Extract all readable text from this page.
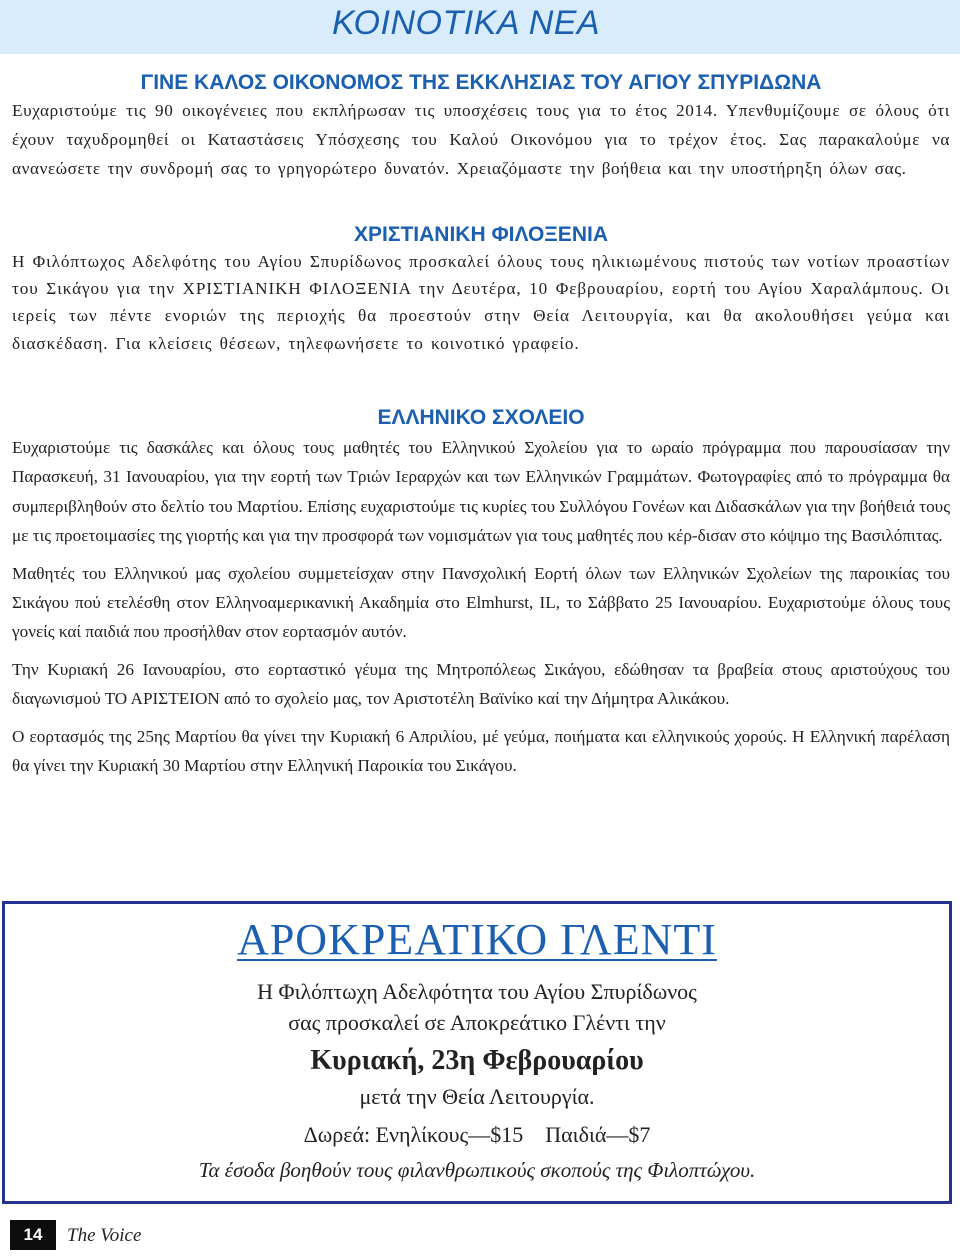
ΚΟΙΝΟΤΙΚΑ ΝΕΑ
ΓΙΝΕ ΚΑΛΟΣ ΟΙΚΟΝΟΜΟΣ ΤΗΣ ΕΚΚΛΗΣΙΑΣ ΤΟΥ ΑΓΙΟΥ ΣΠΥΡΙΔΩΝΑ

Ευχαριστούμε τις 90 οικογένειες που εκπλήρωσαν τις υποσχέσεις τους για το έτος 2014. Υπενθυμίζουμε σε όλους ότι έχουν ταχυδρομηθεί οι Καταστάσεις Υπόσχεσης του Καλού Οικονόμου για το τρέχον έτος. Σας παρακαλούμε να ανανεώσετε την συνδρομή σας το γρηγορώτερο δυνατόν. Χρειαζόμαστε την βοήθεια και την υποστήρηξη όλων σας.

ΧΡΙΣΤΙΑΝΙΚΗ ΦΙΛΟΞΕΝΙΑ

Η Φιλόπτωχος Αδελφότης του Αγίου Σπυρίδωνος προσκαλεί όλους τους ηλικιωμένους πιστούς των νοτίων προαστίων του Σικάγου για την ΧΡΙΣΤΙΑΝΙΚΗ ΦΙΛΟΞΕΝΙΑ την Δευτέρα, 10 Φεβρουαρίου, εορτή του Αγίου Χαραλάμπους. Οι ιερείς των πέντε ενοριών της περιοχής θα προεστούν στην Θεία Λειτουργία, και θα ακολουθήσει γεύμα και διασκέδαση. Για κλείσεις θέσεων, τηλεφωνήσετε το κοινοτικό γραφείο.

ΕΛΛΗΝΙΚΟ ΣΧΟΛΕΙΟ

Ευχαριστούμε τις δασκάλες και όλους τους μαθητές του Ελληνικού Σχολείου για το ωραίο πρόγραμμα που παρουσίασαν την Παρασκευή, 31 Ιανουαρίου, για την εορτή των Τριών Ιεραρχών και των Ελληνικών Γραμμάτων. Φωτογραφίες από το πρόγραμμα θα συμπεριβληθούν στο δελτίο του Μαρτίου. Επίσης ευχαριστούμε τις κυρίες του Συλλόγου Γονέων και Διδασκάλων για την βοήθειά τους με τις προετοιμασίες της γιορτής και για την προσφορά των νομισμάτων για τους μαθητές που κέρ-δισαν στο κόψιμο της Βασιλόπιτας.

Μαθητές του Ελληνικού μας σχολείου συμμετείσχαν στην Πανσχολική Εορτή όλων των Ελληνικών Σχολείων της παροικίας του Σικάγου πού ετελέσθη στον Ελληνοαμερικανική Ακαδημία στο Elmhurst, IL, το Σάββατο 25 Ιανουαρίου. Ευχαριστούμε όλους τους γονείς καί παιδιά που προσήλθαν στον εορτασμόν αυτόν.

Την Κυριακή 26 Ιανουαρίου, στο εορταστικό γέυμα της Μητροπόλεως Σικάγου, εδώθησαν τα βραβεία στους αριστούχους του διαγωνισμού ΤΟ ΑΡΙΣΤΕΙΟΝ από το σχολείο μας, τον Αριστοτέλη Βαϊνίκο καί την Δήμητρα Αλικάκου.

Ο εορτασμός της 25ης Μαρτίου θα γίνει την Κυριακή 6 Απριλίου, μέ γεύμα, ποιήματα και ελληνικούς χορούς. Η Ελληνική παρέλαση θα γίνει την Κυριακή 30 Μαρτίου στην Ελληνική Παροικία του Σικάγου.

ΑΡΟΚΡΕΑΤΙΚΟ ΓΛΕΝΤΙ
Η Φιλόπτωχη Αδελφότητα του Αγίου Σπυρίδωνος
σας προσκαλεί σε Αποκρεάτικο Γλέντι την
Κυριακή, 23η Φεβρουαρίου
μετά την Θεία Λειτουργία.
Δωρεά: Ενηλίκους—$15    Παιδιά—$7
Τα έσοδα βοηθούν τους φιλανθρωπικούς σκοπούς της Φιλοπτώχου.
14	The Voice
